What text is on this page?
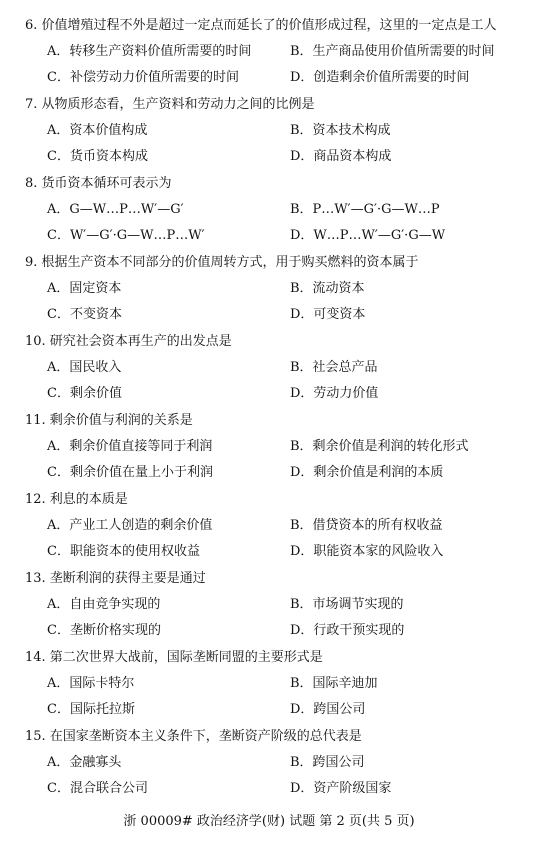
6. 价值增殖过程不外是超过一定点而延长了的价值形成过程，这里的一定点是工人
A．转移生产资料价值所需要的时间	B．生产商品使用价值所需要的时间
C．补偿劳动力价值所需要的时间	D．创造剩余价值所需要的时间
7. 从物质形态看，生产资料和劳动力之间的比例是
A．资本价值构成	B．资本技术构成
C．货币资本构成	D．商品资本构成
8. 货币资本循环可表示为
A．G—W…P…W′—G′	B．P…W′—G′·G—W…P
C．W′—G′·G—W…P…W′	D．W…P…W′—G′·G—W
9. 根据生产资本不同部分的价值周转方式，用于购买燃料的资本属于
A．固定资本	B．流动资本
C．不变资本	D．可变资本
10. 研究社会资本再生产的出发点是
A．国民收入	B．社会总产品
C．剩余价值	D．劳动力价值
11. 剩余价值与利润的关系是
A．剩余价值直接等同于利润	B．剩余价值是利润的转化形式
C．剩余价值在量上小于利润	D．剩余价值是利润的本质
12. 利息的本质是
A．产业工人创造的剩余价值	B．借贷资本的所有权收益
C．职能资本的使用权收益	D．职能资本家的风险收入
13. 垄断利润的获得主要是通过
A．自由竞争实现的	B．市场调节实现的
C．垄断价格实现的	D．行政干预实现的
14. 第二次世界大战前，国际垄断同盟的主要形式是
A．国际卡特尔	B．国际辛迪加
C．国际托拉斯	D．跨国公司
15. 在国家垄断资本主义条件下，垄断资产阶级的总代表是
A．金融寡头	B．跨国公司
C．混合联合公司	D．资产阶级国家
浙 00009# 政治经济学(财) 试题 第 2 页(共 5 页)
